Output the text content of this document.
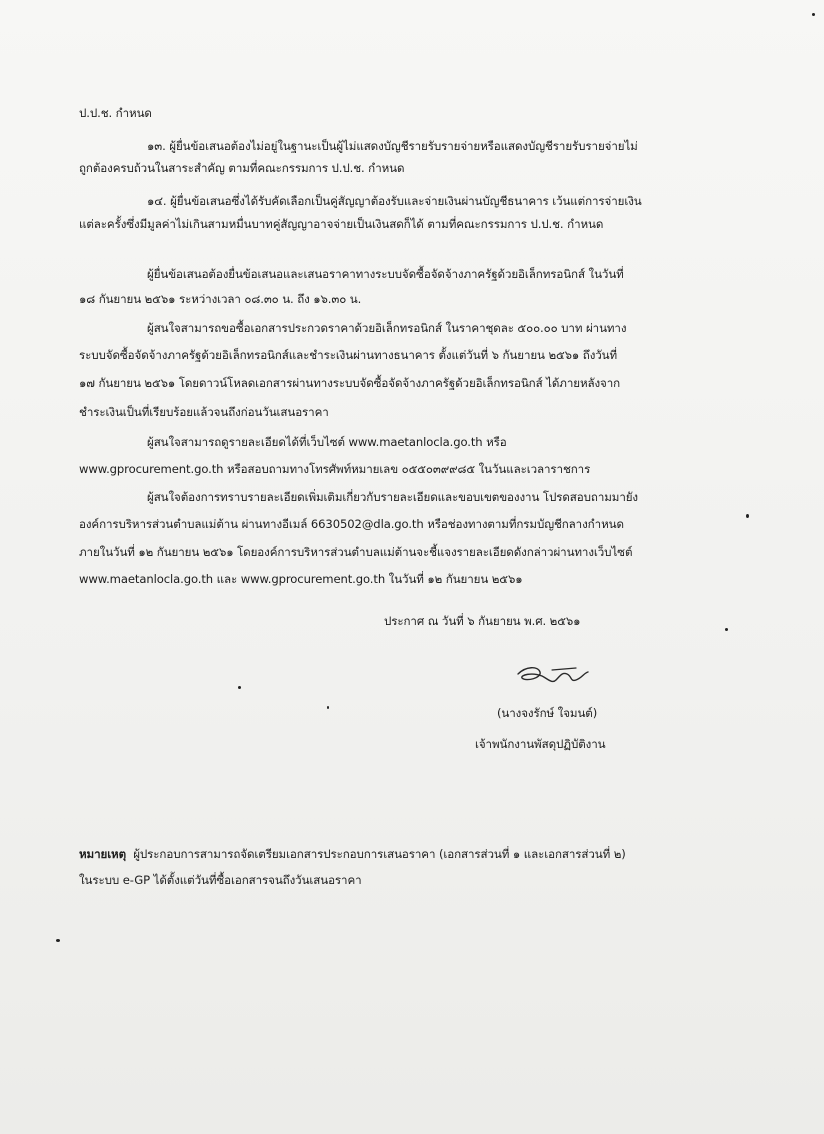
ป.ป.ช. กำหนด
๑๓. ผู้ยื่นข้อเสนอต้องไม่อยู่ในฐานะเป็นผู้ไม่แสดงบัญชีรายรับรายจ่ายหรือแสดงบัญชีรายรับรายจ่ายไม่
ถูกต้องครบถ้วนในสาระสำคัญ ตามที่คณะกรรมการ ป.ป.ช. กำหนด
๑๔. ผู้ยื่นข้อเสนอซึ่งได้รับคัดเลือกเป็นคู่สัญญาต้องรับและจ่ายเงินผ่านบัญชีธนาคาร เว้นแต่การจ่ายเงิน
แต่ละครั้งซึ่งมีมูลค่าไม่เกินสามหมื่นบาทคู่สัญญาอาจจ่ายเป็นเงินสดก็ได้ ตามที่คณะกรรมการ ป.ป.ช. กำหนด
ผู้ยื่นข้อเสนอต้องยื่นข้อเสนอและเสนอราคาทางระบบจัดซื้อจัดจ้างภาครัฐด้วยอิเล็กทรอนิกส์ ในวันที่
๑๘ กันยายน ๒๕๖๑ ระหว่างเวลา ๐๘.๓๐ น. ถึง ๑๖.๓๐ น.
ผู้สนใจสามารถขอซื้อเอกสารประกวดราคาด้วยอิเล็กทรอนิกส์ ในราคาชุดละ ๕๐๐.๐๐ บาท ผ่านทาง
ระบบจัดซื้อจัดจ้างภาครัฐด้วยอิเล็กทรอนิกส์และชำระเงินผ่านทางธนาคาร ตั้งแต่วันที่ ๖ กันยายน ๒๕๖๑ ถึงวันที่
๑๗ กันยายน ๒๕๖๑ โดยดาวน์โหลดเอกสารผ่านทางระบบจัดซื้อจัดจ้างภาครัฐด้วยอิเล็กทรอนิกส์ ได้ภายหลังจาก
ชำระเงินเป็นที่เรียบร้อยแล้วจนถึงก่อนวันเสนอราคา
ผู้สนใจสามารถดูรายละเอียดได้ที่เว็บไซต์ www.maetanlocla.go.th หรือ
www.gprocurement.go.th หรือสอบถามทางโทรศัพท์หมายเลข ๐๕๕๐๓๙๙๘๕ ในวันและเวลาราชการ
ผู้สนใจต้องการทราบรายละเอียดเพิ่มเติมเกี่ยวกับรายละเอียดและขอบเขตของงาน โปรดสอบถามมายัง
องค์การบริหารส่วนตำบลแม่ต้าน ผ่านทางอีเมล์ 6630502@dla.go.th หรือช่องทางตามที่กรมบัญชีกลางกำหนด
ภายในวันที่ ๑๒ กันยายน ๒๕๖๑ โดยองค์การบริหารส่วนตำบลแม่ต้านจะชี้แจงรายละเอียดดังกล่าวผ่านทางเว็บไซต์
www.maetanlocla.go.th และ www.gprocurement.go.th ในวันที่ ๑๒ กันยายน ๒๕๖๑
ประกาศ ณ วันที่ ๖ กันยายน พ.ศ. ๒๕๖๑
(นางจงรักษ์ ใจมนต์)
เจ้าพนักงานพัสดุปฏิบัติงาน
หมายเหตุ ผู้ประกอบการสามารถจัดเตรียมเอกสารประกอบการเสนอราคา (เอกสารส่วนที่ ๑ และเอกสารส่วนที่ ๒)
ในระบบ e-GP ได้ตั้งแต่วันที่ซื้อเอกสารจนถึงวันเสนอราคา
